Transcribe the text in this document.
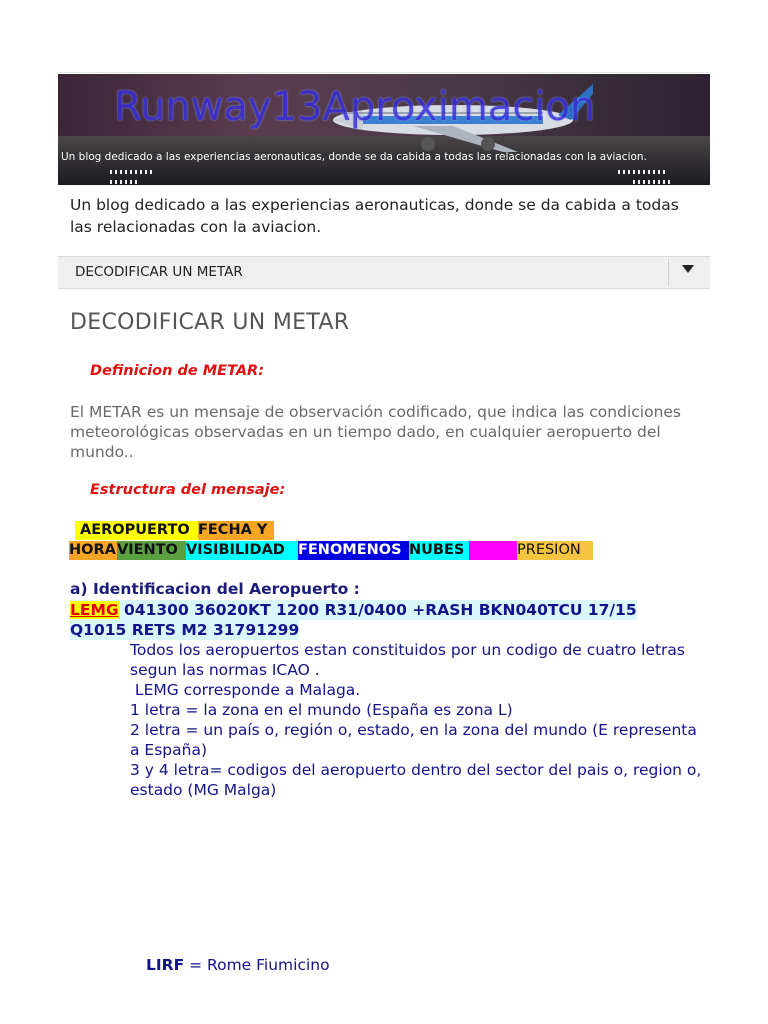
Runway13Aproximacion
Un blog dedicado a las experiencias aeronauticas, donde se da cabida a todas las relacionadas con la aviacion.
Un blog dedicado a las experiencias aeronauticas, donde se da cabida a todas las relacionadas con la aviacion.
DECODIFICAR UN METAR
DECODIFICAR UN METAR
Definicion de METAR:
El METAR es un mensaje de observación codificado, que indica las condiciones meteorológicas observadas en un tiempo dado, en cualquier aeropuerto del mundo..
Estructura del mensaje:
AEROPUERTO FECHA Y
HORA VIENTO VISIBILIDAD FENOMENOS NUBES TEMP PRESION
a) Identificacion del Aeropuerto :
LEMG 041300 36020KT 1200 R31/0400 +RASH BKN040TCU 17/15
Q1015 RETS M2 31791299
Todos los aeropuertos estan constituidos por un codigo de cuatro letras segun las normas ICAO .
LEMG corresponde a Malaga.
1 letra = la zona en el mundo (España es zona L)
2 letra = un país o, región o, estado, en la zona del mundo (E representa a España)
3 y 4 letra= codigos del aeropuerto dentro del sector del pais o, region o, estado (MG Malga)
LIRF = Rome Fiumicino
